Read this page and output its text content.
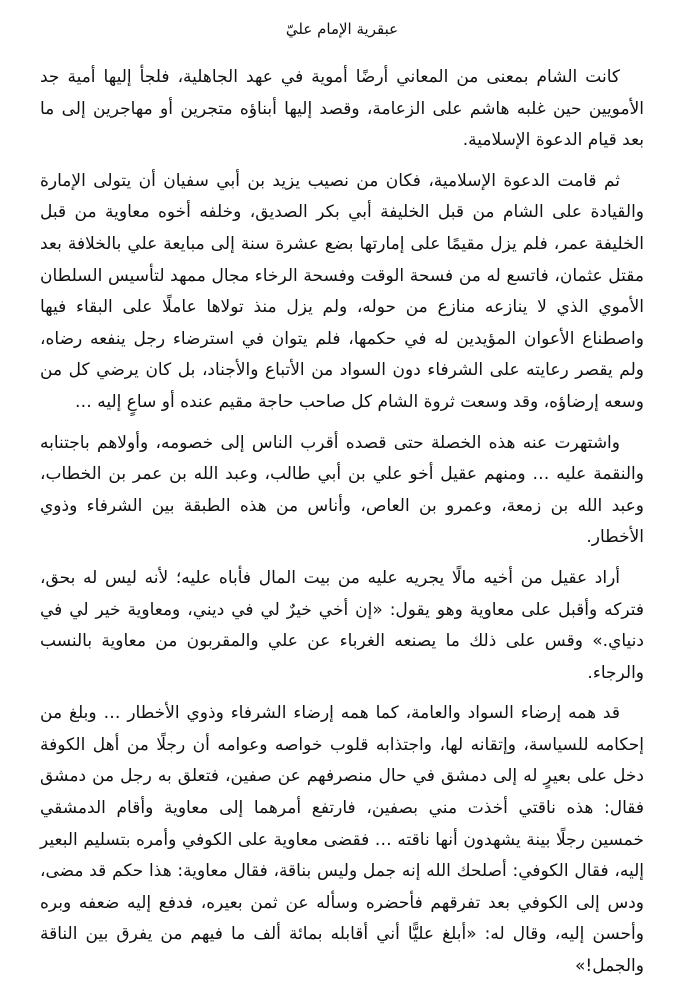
عبقرية الإمام عليّ

كانت الشام بمعنى من المعاني أرضًا أموية في عهد الجاهلية، فلجأ إليها أمية جد الأمويين حين غلبه هاشم على الزعامة، وقصد إليها أبناؤه متجرين أو مهاجرين إلى ما بعد قيام الدعوة الإسلامية.

ثم قامت الدعوة الإسلامية، فكان من نصيب يزيد بن أبي سفيان أن يتولى الإمارة والقيادة على الشام من قبل الخليفة أبي بكر الصديق، وخلفه أخوه معاوية من قبل الخليفة عمر، فلم يزل مقيمًا على إمارتها بضع عشرة سنة إلى مبايعة علي بالخلافة بعد مقتل عثمان، فاتسع له من فسحة الوقت وفسحة الرخاء مجال ممهد لتأسيس السلطان الأموي الذي لا ينازعه منازع من حوله، ولم يزل منذ تولاها عاملًا على البقاء فيها واصطناع الأعوان المؤيدين له في حكمها، فلم يتوان في استرضاء رجل ينفعه رضاه، ولم يقصر رعايته على الشرفاء دون السواد من الأتباع والأجناد، بل كان يرضي كل من وسعه إرضاؤه، وقد وسعت ثروة الشام كل صاحب حاجة مقيم عنده أو ساعٍ إليه …

واشتهرت عنه هذه الخصلة حتى قصده أقرب الناس إلى خصومه، وأولاهم باجتنابه والنقمة عليه … ومنهم عقيل أخو علي بن أبي طالب، وعبد الله بن عمر بن الخطاب، وعبد الله بن زمعة، وعمرو بن العاص، وأناس من هذه الطبقة بين الشرفاء وذوي الأخطار.

أراد عقيل من أخيه مالًا يجريه عليه من بيت المال فأباه عليه؛ لأنه ليس له بحق، فتركه وأقبل على معاوية وهو يقول: «إن أخي خيرٌ لي في ديني، ومعاوية خير لي في دنياي.» وقس على ذلك ما يصنعه الغرباء عن علي والمقربون من معاوية بالنسب والرجاء.

قد همه إرضاء السواد والعامة، كما همه إرضاء الشرفاء وذوي الأخطار … وبلغ من إحكامه للسياسة، وإتقانه لها، واجتذابه قلوب خواصه وعوامه أن رجلًا من أهل الكوفة دخل على بعيرٍ له إلى دمشق في حال منصرفهم عن صفين، فتعلق به رجل من دمشق فقال: هذه ناقتي أخذت مني بصفين، فارتفع أمرهما إلى معاوية وأقام الدمشقي خمسين رجلًا بينة يشهدون أنها ناقته … فقضى معاوية على الكوفي وأمره بتسليم البعير إليه، فقال الكوفي: أصلحك الله إنه جمل وليس بناقة، فقال معاوية: هذا حكم قد مضى، ودس إلى الكوفي بعد تفرقهم فأحضره وسأله عن ثمن بعيره، فدفع إليه ضعفه وبره وأحسن إليه، وقال له: «أبلغ عليًّا أني أقابله بمائة ألف ما فيهم من يفرق بين الناقة والجمل!»
